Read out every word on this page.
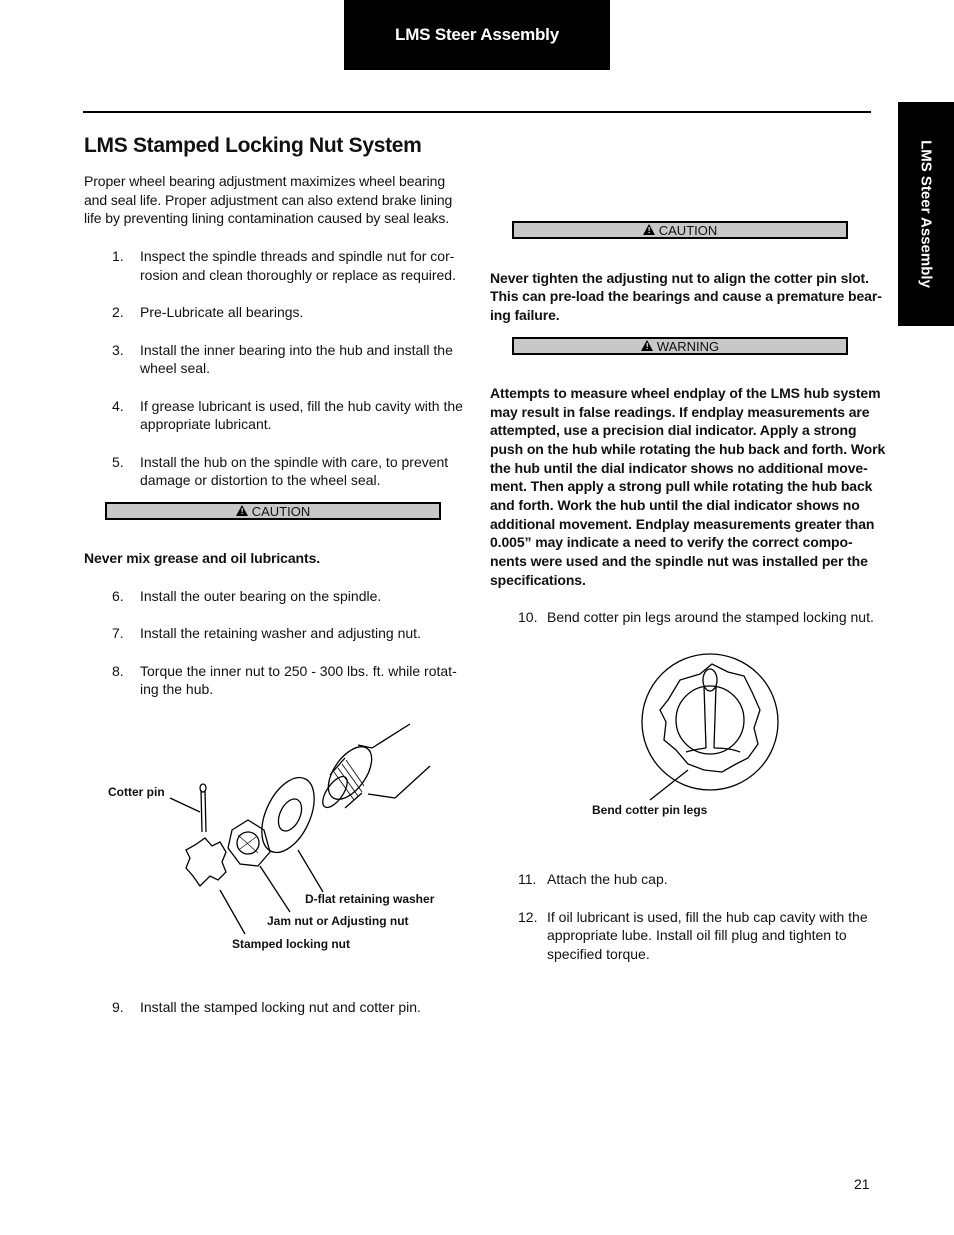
LMS Steer Assembly
LMS Steer Assembly
LMS Stamped Locking Nut System
Proper wheel bearing adjustment maximizes wheel bearing and seal life. Proper adjustment can also extend brake lining life by preventing lining contamination caused by seal leaks.
1. Inspect the spindle threads and spindle nut for cor-
rosion and clean thoroughly or replace as required.
2. Pre-Lubricate all bearings.
3. Install the inner bearing into the hub and install the
wheel seal.
4. If grease lubricant is used, fill the hub cavity with the
appropriate lubricant.
5. Install the hub on the spindle with care, to prevent
damage or distortion to the wheel seal.
! CAUTION
Never mix grease and oil lubricants.
6. Install the outer bearing on the spindle.
7. Install the retaining washer and adjusting nut.
8. Torque the inner nut to 250 - 300 lbs. ft. while rotat-
ing the hub.
Cotter pin
D-flat retaining washer
Jam nut or Adjusting nut
Stamped locking nut
9. Install the stamped locking nut and cotter pin.
! CAUTION
Never tighten the adjusting nut to align the cotter pin slot.
This can pre-load the bearings and cause a premature bear-
ing failure.
! WARNING
Attempts to measure wheel endplay of the LMS hub system
may result in false readings. If endplay measurements are
attempted, use a precision dial indicator. Apply a strong
push on the hub while rotating the hub back and forth. Work
the hub until the dial indicator shows no additional move-
ment. Then apply a strong pull while rotating the hub back
and forth. Work the hub until the dial indicator shows no
additional movement. Endplay measurements greater than
0.005” may indicate a need to verify the correct compo-
nents were used and the spindle nut was installed per the
specifications.
10. Bend cotter pin legs around the stamped locking nut.
Bend cotter pin legs
11. Attach the hub cap.
12. If oil lubricant is used, fill the hub cap cavity with the
appropriate lube. Install oil fill plug and tighten to
specified torque.
21
